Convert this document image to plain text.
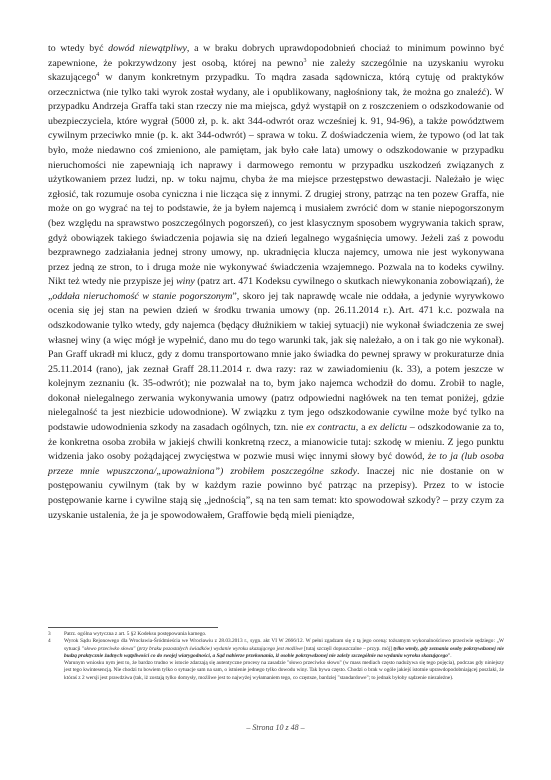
to wtedy być dowód niewątpliwy, a w braku dobrych uprawdopodobnień chociaż to minimum powinno być zapewnione, że pokrzywdzony jest osobą, której na pewno$^3$ nie zależy szczególnie na uzyskaniu wyroku skazującego$^4$ w danym konkretnym przypadku. To mądra zasada sądownicza, którą cytuję od praktyków orzecznictwa (nie tylko taki wyrok został wydany, ale i opublikowany, nagłośniony tak, że można go znaleźć). W przypadku Andrzeja Graffa taki stan rzeczy nie ma miejsca, gdyż wystąpił on z roszczeniem o odszkodowanie od ubezpieczyciela, które wygrał (5000 zł, p. k. akt 344-odwrót oraz wcześniej k. 91, 94-96), a także powództwem cywilnym przeciwko mnie (p. k. akt 344-odwrót) – sprawa w toku. Z doświadczenia wiem, że typowo (od lat tak było, może niedawno coś zmieniono, ale pamiętam, jak było całe lata) umowy o odszkodowanie w przypadku nieruchomości nie zapewniają ich naprawy i darmowego remontu w przypadku uszkodzeń związanych z użytkowaniem przez ludzi, np. w toku najmu, chyba że ma miejsce przestępstwo dewastacji. Należało je więc zgłosić, tak rozumuje osoba cyniczna i nie licząca się z innymi. Z drugiej strony, patrząc na ten pozew Graffa, nie może on go wygrać na tej to podstawie, że ja byłem najemcą i musiałem zwrócić dom w stanie niepogorszonym (bez względu na sprawstwo poszczególnych pogorszeń), co jest klasycznym sposobem wygrywania takich spraw, gdyż obowiązek takiego świadczenia pojawia się na dzień legalnego wygaśnięcia umowy. Jeżeli zaś z powodu bezprawnego zadziałania jednej strony umowy, np. ukradnięcia klucza najemcy, umowa nie jest wykonywana przez jedną ze stron, to i druga może nie wykonywać świadczenia wzajemnego. Pozwala na to kodeks cywilny. Nikt też wtedy nie przypisze jej winy (patrz art. 471 Kodeksu cywilnego o skutkach niewykonania zobowiązań), że „oddała nieruchomość w stanie pogorszonym”, skoro jej tak naprawdę wcale nie oddała, a jedynie wyrywkowo ocenia się jej stan na pewien dzień w środku trwania umowy (np. 26.11.2014 r.). Art. 471 k.c. pozwala na odszkodowanie tylko wtedy, gdy najemca (będący dłużnikiem w takiej sytuacji) nie wykonał świadczenia ze swej własnej winy (a więc mógł je wypełnić, dano mu do tego warunki tak, jak się należało, a on i tak go nie wykonał). Pan Graff ukradł mi klucz, gdy z domu transportowano mnie jako świadka do pewnej sprawy w prokuraturze dnia 25.11.2014 (rano), jak zeznał Graff 28.11.2014 r. dwa razy: raz w zawiadomieniu (k. 33), a potem jeszcze w kolejnym zeznaniu (k. 35-odwrót); nie pozwalał na to, bym jako najemca wchodził do domu. Zrobił to nagle, dokonał nielegalnego zerwania wykonywania umowy (patrz odpowiedni nagłówek na ten temat poniżej, gdzie nielegalność ta jest niezbicie udowodnione). W związku z tym jego odszkodowanie cywilne może być tylko na podstawie udowodnienia szkody na zasadach ogólnych, tzn. nie ex contractu, a ex delictu – odszkodowanie za to, że konkretna osoba zrobiła w jakiejś chwili konkretną rzecz, a mianowicie tutaj: szkodę w mieniu. Z jego punktu widzenia jako osoby pożądającej zwycięstwa w pozwie musi więc innymi słowy być dowód, że to ja (lub osoba przeze mnie wpuszczona/„upoważniona”) zrobiłem poszczególne szkody. Inaczej nic nie dostanie on w postępowaniu cywilnym (tak by w każdym razie powinno być patrząc na przepisy). Przez to w istocie postępowanie karne i cywilne stają się „jednością”, są na ten sam temat: kto spowodował szkody? – przy czym za uzyskanie ustalenia, że ja je spowodowałem, Graffowie będą mieli pieniądze,

3	Patrz. ogólna wytyczna z art. 5 §2 Kodeksu postępowania karnego.
4	Wyrok Sądu Rejonowego dla Wrocławia-Śródmieścia we Wrocławiu z 28.03.2013 r., sygn. akt VI W 2666/12. W pełni zgadzam się z tą jego oceną: tożsamym wykonalnościowo przeciwie sędziego: „W sytuacji "słowo przeciwko słowu" (przy braku pozostałych świadków) wydanie wyroku skazującego jest możliwe [tutaj szczęśl dopuszczalne – przyp. mój] tylko wtedy, gdy zeznania osoby pokrzywdzonej nie budzą praktycznie żadnych wątpliwości co do swojej wiarygodności, a Sąd nabierze przekonania, iż osobie pokrzywdzonej nie zależy szczególnie na wydaniu wyroku skazującego”.
Warunym wniosku nym jest to, że bardzo trudno w istocie zdarzają się autentyczne procesy na zasadzie "słowo przeciwko słowu" (w mass mediach często nadużywa się tego pojęcia), podczas gdy niniejszy jest tego kwintesencją. Nie chodzi tu bowiem tylko o sytuacje sam na sam, o istnienie jednego tylko dowodu winy. Tak bywa często. Chodzi o brak w ogóle jakiejś istotnie uprawdopodobniającej poszlaki, że któraś z 2 wersji jest prawdziwa (tak, iż zostają tylko domysły, możliwe jest to najwyżej wyłamaniem tego, co częstsze, bardziej "standardowe"; to jednak byłoby sądzenie niezależne).
– Strona 10 z 48 –
